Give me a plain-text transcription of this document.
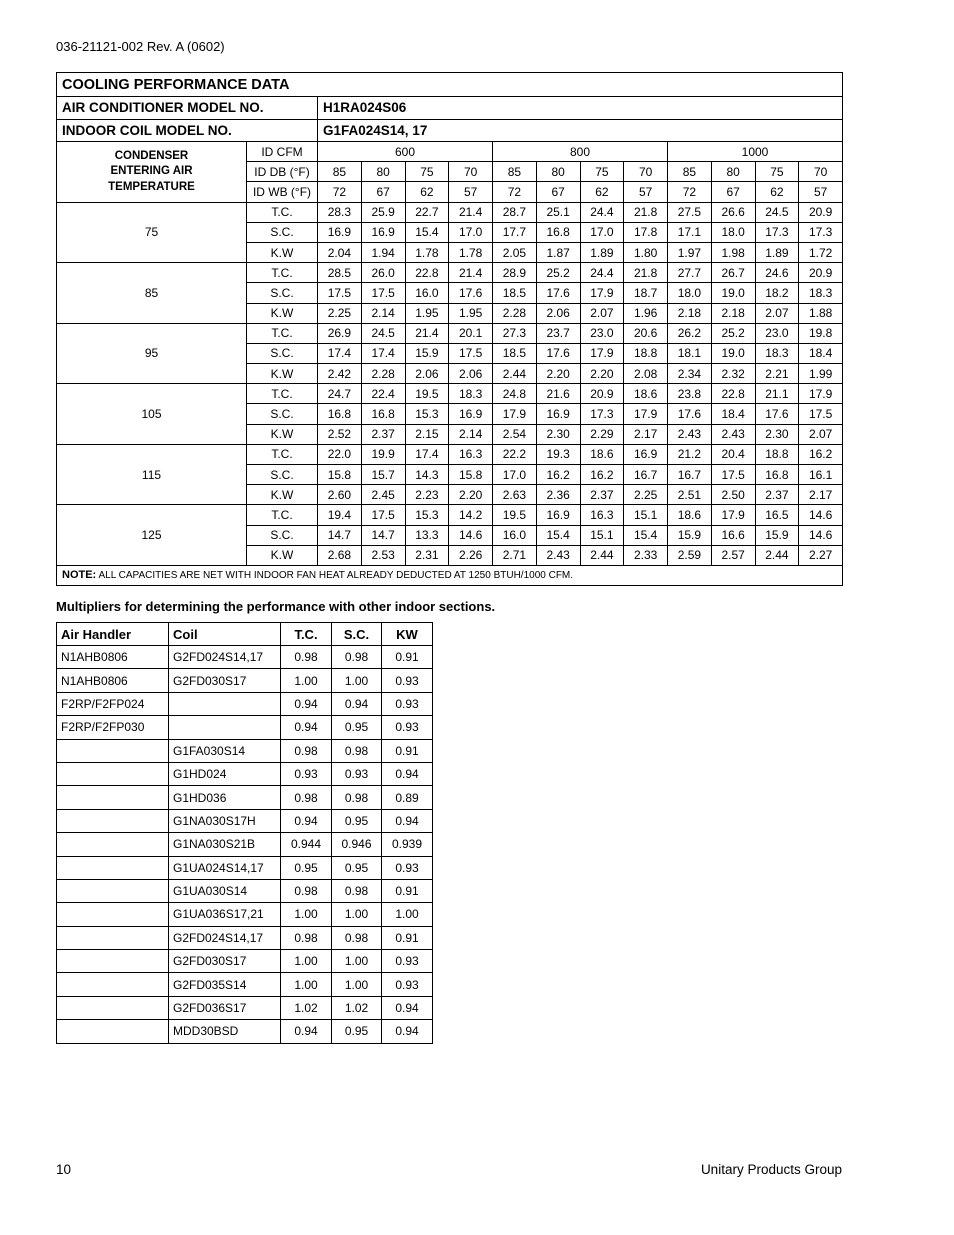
036-21121-002 Rev. A (0602)
COOLING PERFORMANCE DATA													
AIR CONDITIONER MODEL NO.		H1RA024S06											
INDOOR COIL MODEL NO.		G1FA024S14, 17											

CONDENSER
ENTERING AIR
TEMPERATURE	ID CFM	600				800				1000			
	ID DB (°F)	85	80	75	70	85	80	75	70	85	80	75	70
	ID WB (°F)	72	67	62	57	72	67	62	57	72	67	62	57
75	T.C.	28.3	25.9	22.7	21.4	28.7	25.1	24.4	21.8	27.5	26.6	24.5	20.9
	S.C.	16.9	16.9	15.4	17.0	17.7	16.8	17.0	17.8	17.1	18.0	17.3	17.3
	K.W	2.04	1.94	1.78	1.78	2.05	1.87	1.89	1.80	1.97	1.98	1.89	1.72
85	T.C.	28.5	26.0	22.8	21.4	28.9	25.2	24.4	21.8	27.7	26.7	24.6	20.9
	S.C.	17.5	17.5	16.0	17.6	18.5	17.6	17.9	18.7	18.0	19.0	18.2	18.3
	K.W	2.25	2.14	1.95	1.95	2.28	2.06	2.07	1.96	2.18	2.18	2.07	1.88
95	T.C.	26.9	24.5	21.4	20.1	27.3	23.7	23.0	20.6	26.2	25.2	23.0	19.8
	S.C.	17.4	17.4	15.9	17.5	18.5	17.6	17.9	18.8	18.1	19.0	18.3	18.4
	K.W	2.42	2.28	2.06	2.06	2.44	2.20	2.20	2.08	2.34	2.32	2.21	1.99
105	T.C.	24.7	22.4	19.5	18.3	24.8	21.6	20.9	18.6	23.8	22.8	21.1	17.9
	S.C.	16.8	16.8	15.3	16.9	17.9	16.9	17.3	17.9	17.6	18.4	17.6	17.5
	K.W	2.52	2.37	2.15	2.14	2.54	2.30	2.29	2.17	2.43	2.43	2.30	2.07
115	T.C.	22.0	19.9	17.4	16.3	22.2	19.3	18.6	16.9	21.2	20.4	18.8	16.2
	S.C.	15.8	15.7	14.3	15.8	17.0	16.2	16.2	16.7	16.7	17.5	16.8	16.1
	K.W	2.60	2.45	2.23	2.20	2.63	2.36	2.37	2.25	2.51	2.50	2.37	2.17
125	T.C.	19.4	17.5	15.3	14.2	19.5	16.9	16.3	15.1	18.6	17.9	16.5	14.6
	S.C.	14.7	14.7	13.3	14.6	16.0	15.4	15.1	15.4	15.9	16.6	15.9	14.6
	K.W	2.68	2.53	2.31	2.26	2.71	2.43	2.44	2.33	2.59	2.57	2.44	2.27
NOTE: ALL CAPACITIES ARE NET WITH INDOOR FAN HEAT ALREADY DEDUCTED AT 1250 BTUH/1000 CFM.													
Multipliers for determining the performance with other indoor sections.
Air Handler	Coil	T.C.	S.C.	KW
N1AHB0806	G2FD024S14,17	0.98	0.98	0.91
N1AHB0806	G2FD030S17	1.00	1.00	0.93
F2RP/F2FP024		0.94	0.94	0.93
F2RP/F2FP030		0.94	0.95	0.93
	G1FA030S14	0.98	0.98	0.91
	G1HD024	0.93	0.93	0.94
	G1HD036	0.98	0.98	0.89
	G1NA030S17H	0.94	0.95	0.94
	G1NA030S21B	0.944	0.946	0.939
	G1UA024S14,17	0.95	0.95	0.93
	G1UA030S14	0.98	0.98	0.91
	G1UA036S17,21	1.00	1.00	1.00
	G2FD024S14,17	0.98	0.98	0.91
	G2FD030S17	1.00	1.00	0.93
	G2FD035S14	1.00	1.00	0.93
	G2FD036S17	1.02	1.02	0.94
	MDD30BSD	0.94	0.95	0.94
10	Unitary Products Group
